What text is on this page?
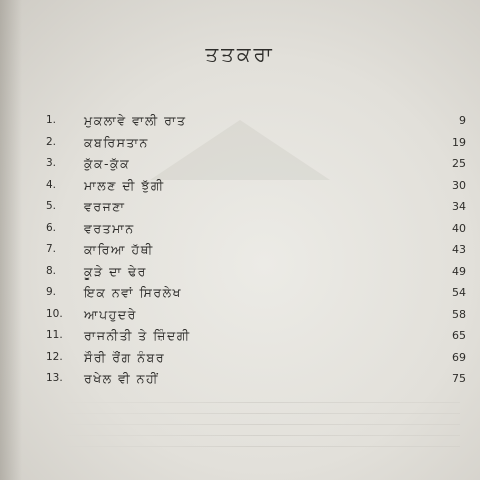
ਤਤਕਰਾ
1.	ਮੁਕਲਾਵੇ ਵਾਲੀ ਰਾਤ	9
2.	ਕਬਰਿਸਤਾਨ	19
3.	ਕੁੱਕ-ਕੁੱਕ	25
4.	ਮਾਲਣ ਦੀ ਝੁੱਗੀ	30
5.	ਵਰਜਣਾ	34
6.	ਵਰਤਮਾਨ	40
7.	ਕਾਰਿਆ ਹੱਥੀ	43
8.	ਕੂੜੇ ਦਾ ਢੇਰ	49
9.	ਇਕ ਨਵਾਂ ਸਿਰਲੇਖ	54
10.	ਆਪਹੁਦਰੇ	58
11.	ਰਾਜਨੀਤੀ ਤੇ ਜ਼ਿੰਦਗੀ	65
12.	ਸੌਰੀ ਰੌਂਗ ਨੰਬਰ	69
13.	ਰਖੇਲ ਵੀ ਨਹੀਂ	75
